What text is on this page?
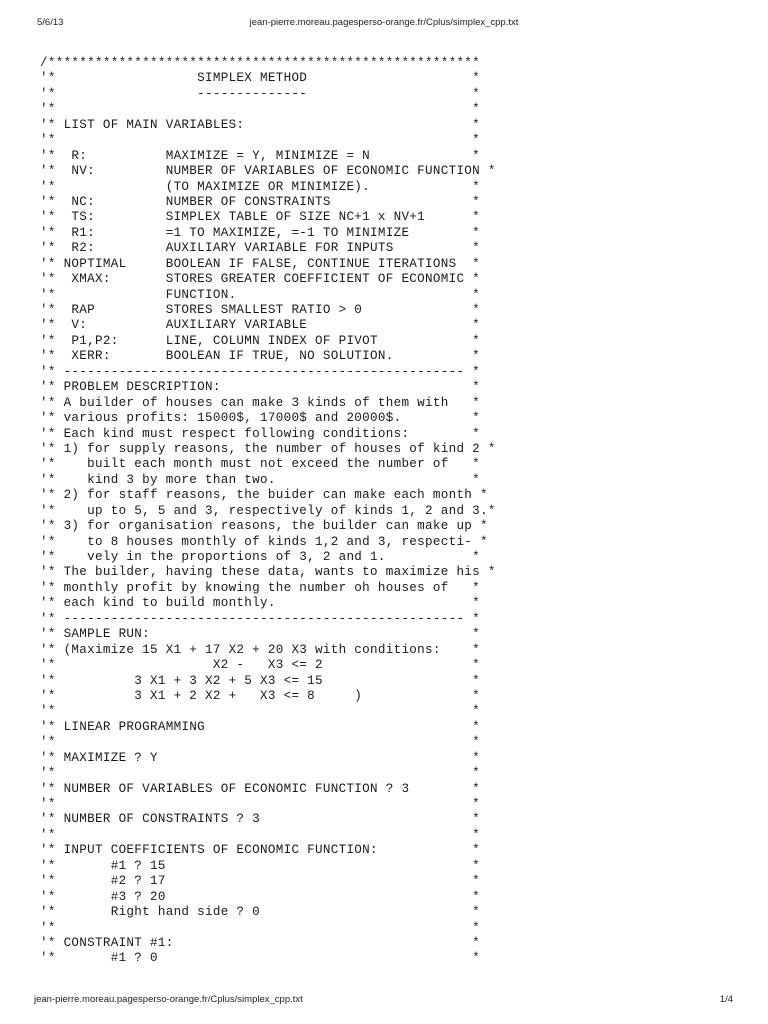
5/6/13	jean-pierre.moreau.pagesperso-orange.fr/Cplus/simplex_cpp.txt
/*******************************************************
'*                  SIMPLEX METHOD                     *
'*                  --------------                     *
'*                                                     *
'* LIST OF MAIN VARIABLES:                             *
'*                                                     *
'*  R:          MAXIMIZE = Y, MINIMIZE = N             *
'*  NV:         NUMBER OF VARIABLES OF ECONOMIC FUNCTION *
'*              (TO MAXIMIZE OR MINIMIZE).             *
'*  NC:         NUMBER OF CONSTRAINTS                  *
'*  TS:         SIMPLEX TABLE OF SIZE NC+1 x NV+1      *
'*  R1:         =1 TO MAXIMIZE, =-1 TO MINIMIZE        *
'*  R2:         AUXILIARY VARIABLE FOR INPUTS          *
'* NOPTIMAL     BOOLEAN IF FALSE, CONTINUE ITERATIONS  *
'*  XMAX:       STORES GREATER COEFFICIENT OF ECONOMIC *
'*              FUNCTION.                              *
'*  RAP         STORES SMALLEST RATIO > 0              *
'*  V:          AUXILIARY VARIABLE                     *
'*  P1,P2:      LINE, COLUMN INDEX OF PIVOT            *
'*  XERR:       BOOLEAN IF TRUE, NO SOLUTION.          *
'* --------------------------------------------------- *
'* PROBLEM DESCRIPTION:                                *
'* A builder of houses can make 3 kinds of them with   *
'* various profits: 15000$, 17000$ and 20000$.         *
'* Each kind must respect following conditions:        *
'* 1) for supply reasons, the number of houses of kind 2 *
'*    built each month must not exceed the number of   *
'*    kind 3 by more than two.                         *
'* 2) for staff reasons, the buider can make each month *
'*    up to 5, 5 and 3, respectively of kinds 1, 2 and 3.*
'* 3) for organisation reasons, the builder can make up *
'*    to 8 houses monthly of kinds 1,2 and 3, respecti- *
'*    vely in the proportions of 3, 2 and 1.           *
'* The builder, having these data, wants to maximize his *
'* monthly profit by knowing the number oh houses of   *
'* each kind to build monthly.                         *
'* --------------------------------------------------- *
'* SAMPLE RUN:                                         *
'* (Maximize 15 X1 + 17 X2 + 20 X3 with conditions:    *
'*                    X2 -   X3 <= 2                   *
'*          3 X1 + 3 X2 + 5 X3 <= 15                   *
'*          3 X1 + 2 X2 +   X3 <= 8     )              *
'*                                                     *
'* LINEAR PROGRAMMING                                  *
'*                                                     *
'* MAXIMIZE ? Y                                        *
'*                                                     *
'* NUMBER OF VARIABLES OF ECONOMIC FUNCTION ? 3        *
'*                                                     *
'* NUMBER OF CONSTRAINTS ? 3                           *
'*                                                     *
'* INPUT COEFFICIENTS OF ECONOMIC FUNCTION:            *
'*       #1 ? 15                                       *
'*       #2 ? 17                                       *
'*       #3 ? 20                                       *
'*       Right hand side ? 0                           *
'*                                                     *
'* CONSTRAINT #1:                                      *
'*       #1 ? 0                                        *
jean-pierre.moreau.pagesperso-orange.fr/Cplus/simplex_cpp.txt	1/4
